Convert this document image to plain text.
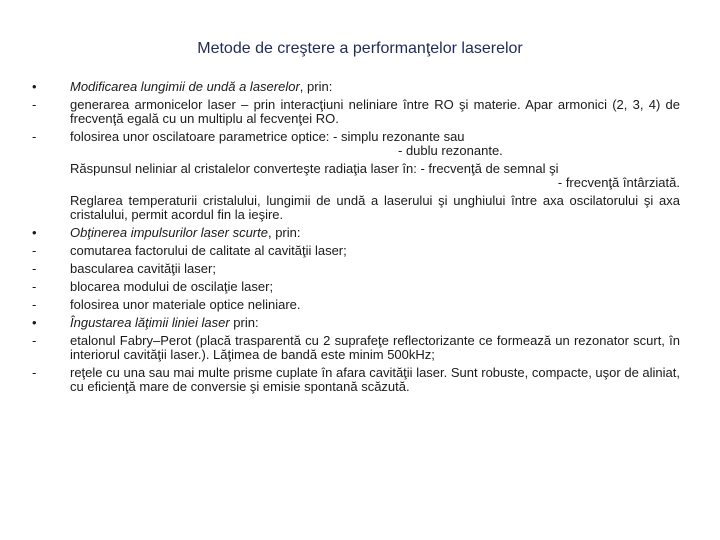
Metode de creştere a performanţelor laserelor
•	Modificarea lungimii de undă a laserelor, prin:
-	generarea armonicelor laser – prin interacţiuni neliniare între RO şi materie. Apar armonici (2, 3, 4) de frecvenţă egală cu un multiplu al fecvenţei RO.
-	folosirea unor oscilatoare parametrice optice: - simplu rezonante sau
- dublu rezonante.
Răspunsul neliniar al cristalelor converteşte radiaţia laser în: - frecvenţă de semnal şi
- frecvenţă întârziată.
Reglarea temperaturii cristalului, lungimii de undă a laserului şi unghiului între axa oscilatorului şi axa cristalului, permit acordul fin la ieşire.
•	Obţinerea impulsurilor laser scurte, prin:
-	comutarea factorului de calitate al cavităţii laser;
-	bascularea cavităţii laser;
-	blocarea modului de oscilaţie laser;
-	folosirea unor materiale optice neliniare.
•	Îngustarea lăţimii liniei laser prin:
-	etalonul Fabry–Perot (placă trasparentă cu 2 suprafeţe reflectorizante ce formează un rezonator scurt, în interiorul cavităţii laser.). Lăţimea de bandă este minim 500kHz;
-	reţele cu una sau mai multe prisme cuplate în afara cavităţii laser. Sunt robuste, compacte, uşor de aliniat, cu eficienţă mare de conversie şi emisie spontană scăzută.
